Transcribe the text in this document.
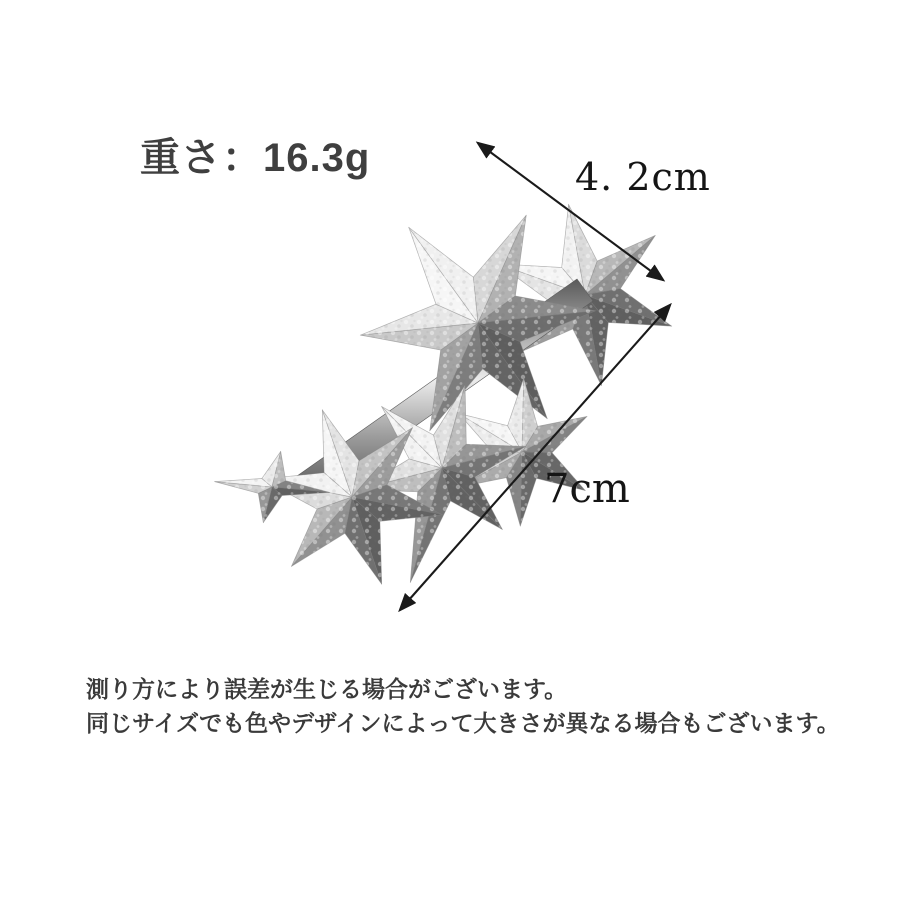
重さ：16.3g	4. 2cm
7cm
測り方により誤差が生じる場合がございます。
同じサイズでも色やデザインによって大きさが異なる場合もございます。
